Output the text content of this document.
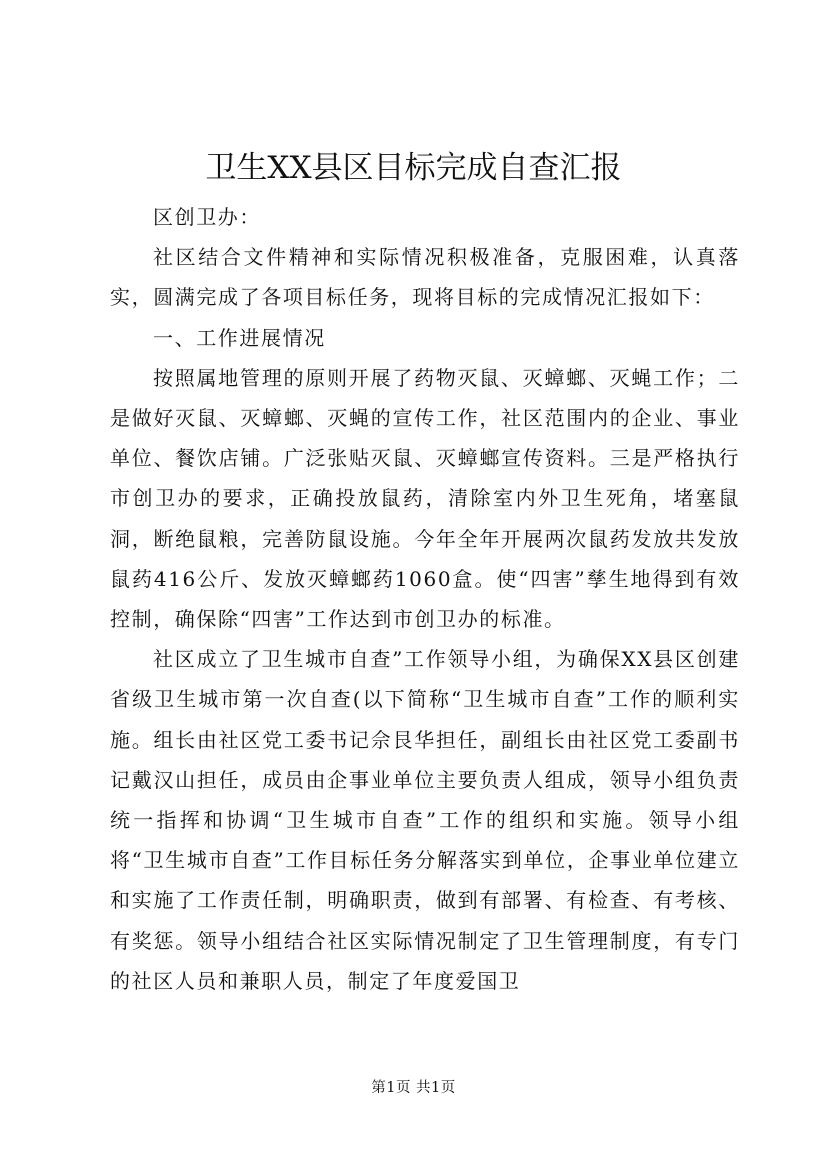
卫生XX县区目标完成自查汇报

区创卫办：

社区结合文件精神和实际情况积极准备，克服困难，认真落实，圆满完成了各项目标任务，现将目标的完成情况汇报如下：

一、工作进展情况

按照属地管理的原则开展了药物灭鼠、灭蟑螂、灭蝇工作；二是做好灭鼠、灭蟑螂、灭蝇的宣传工作，社区范围内的企业、事业单位、餐饮店铺。广泛张贴灭鼠、灭蟑螂宣传资料。三是严格执行市创卫办的要求，正确投放鼠药，清除室内外卫生死角，堵塞鼠洞，断绝鼠粮，完善防鼠设施。今年全年开展两次鼠药发放共发放鼠药416公斤、发放灭蟑螂药1060盒。使“四害”孳生地得到有效控制，确保除“四害”工作达到市创卫办的标准。

社区成立了卫生城市自查”工作领导小组，为确保XX县区创建省级卫生城市第一次自查(以下简称“卫生城市自查”工作的顺利实施。组长由社区党工委书记佘艮华担任，副组长由社区党工委副书记戴汉山担任，成员由企事业单位主要负责人组成，领导小组负责统一指挥和协调“卫生城市自查”工作的组织和实施。领导小组将“卫生城市自查”工作目标任务分解落实到单位，企事业单位建立和实施了工作责任制，明确职责，做到有部署、有检查、有考核、有奖惩。领导小组结合社区实际情况制定了卫生管理制度，有专门的社区人员和兼职人员，制定了年度爱国卫

第1页 共1页
